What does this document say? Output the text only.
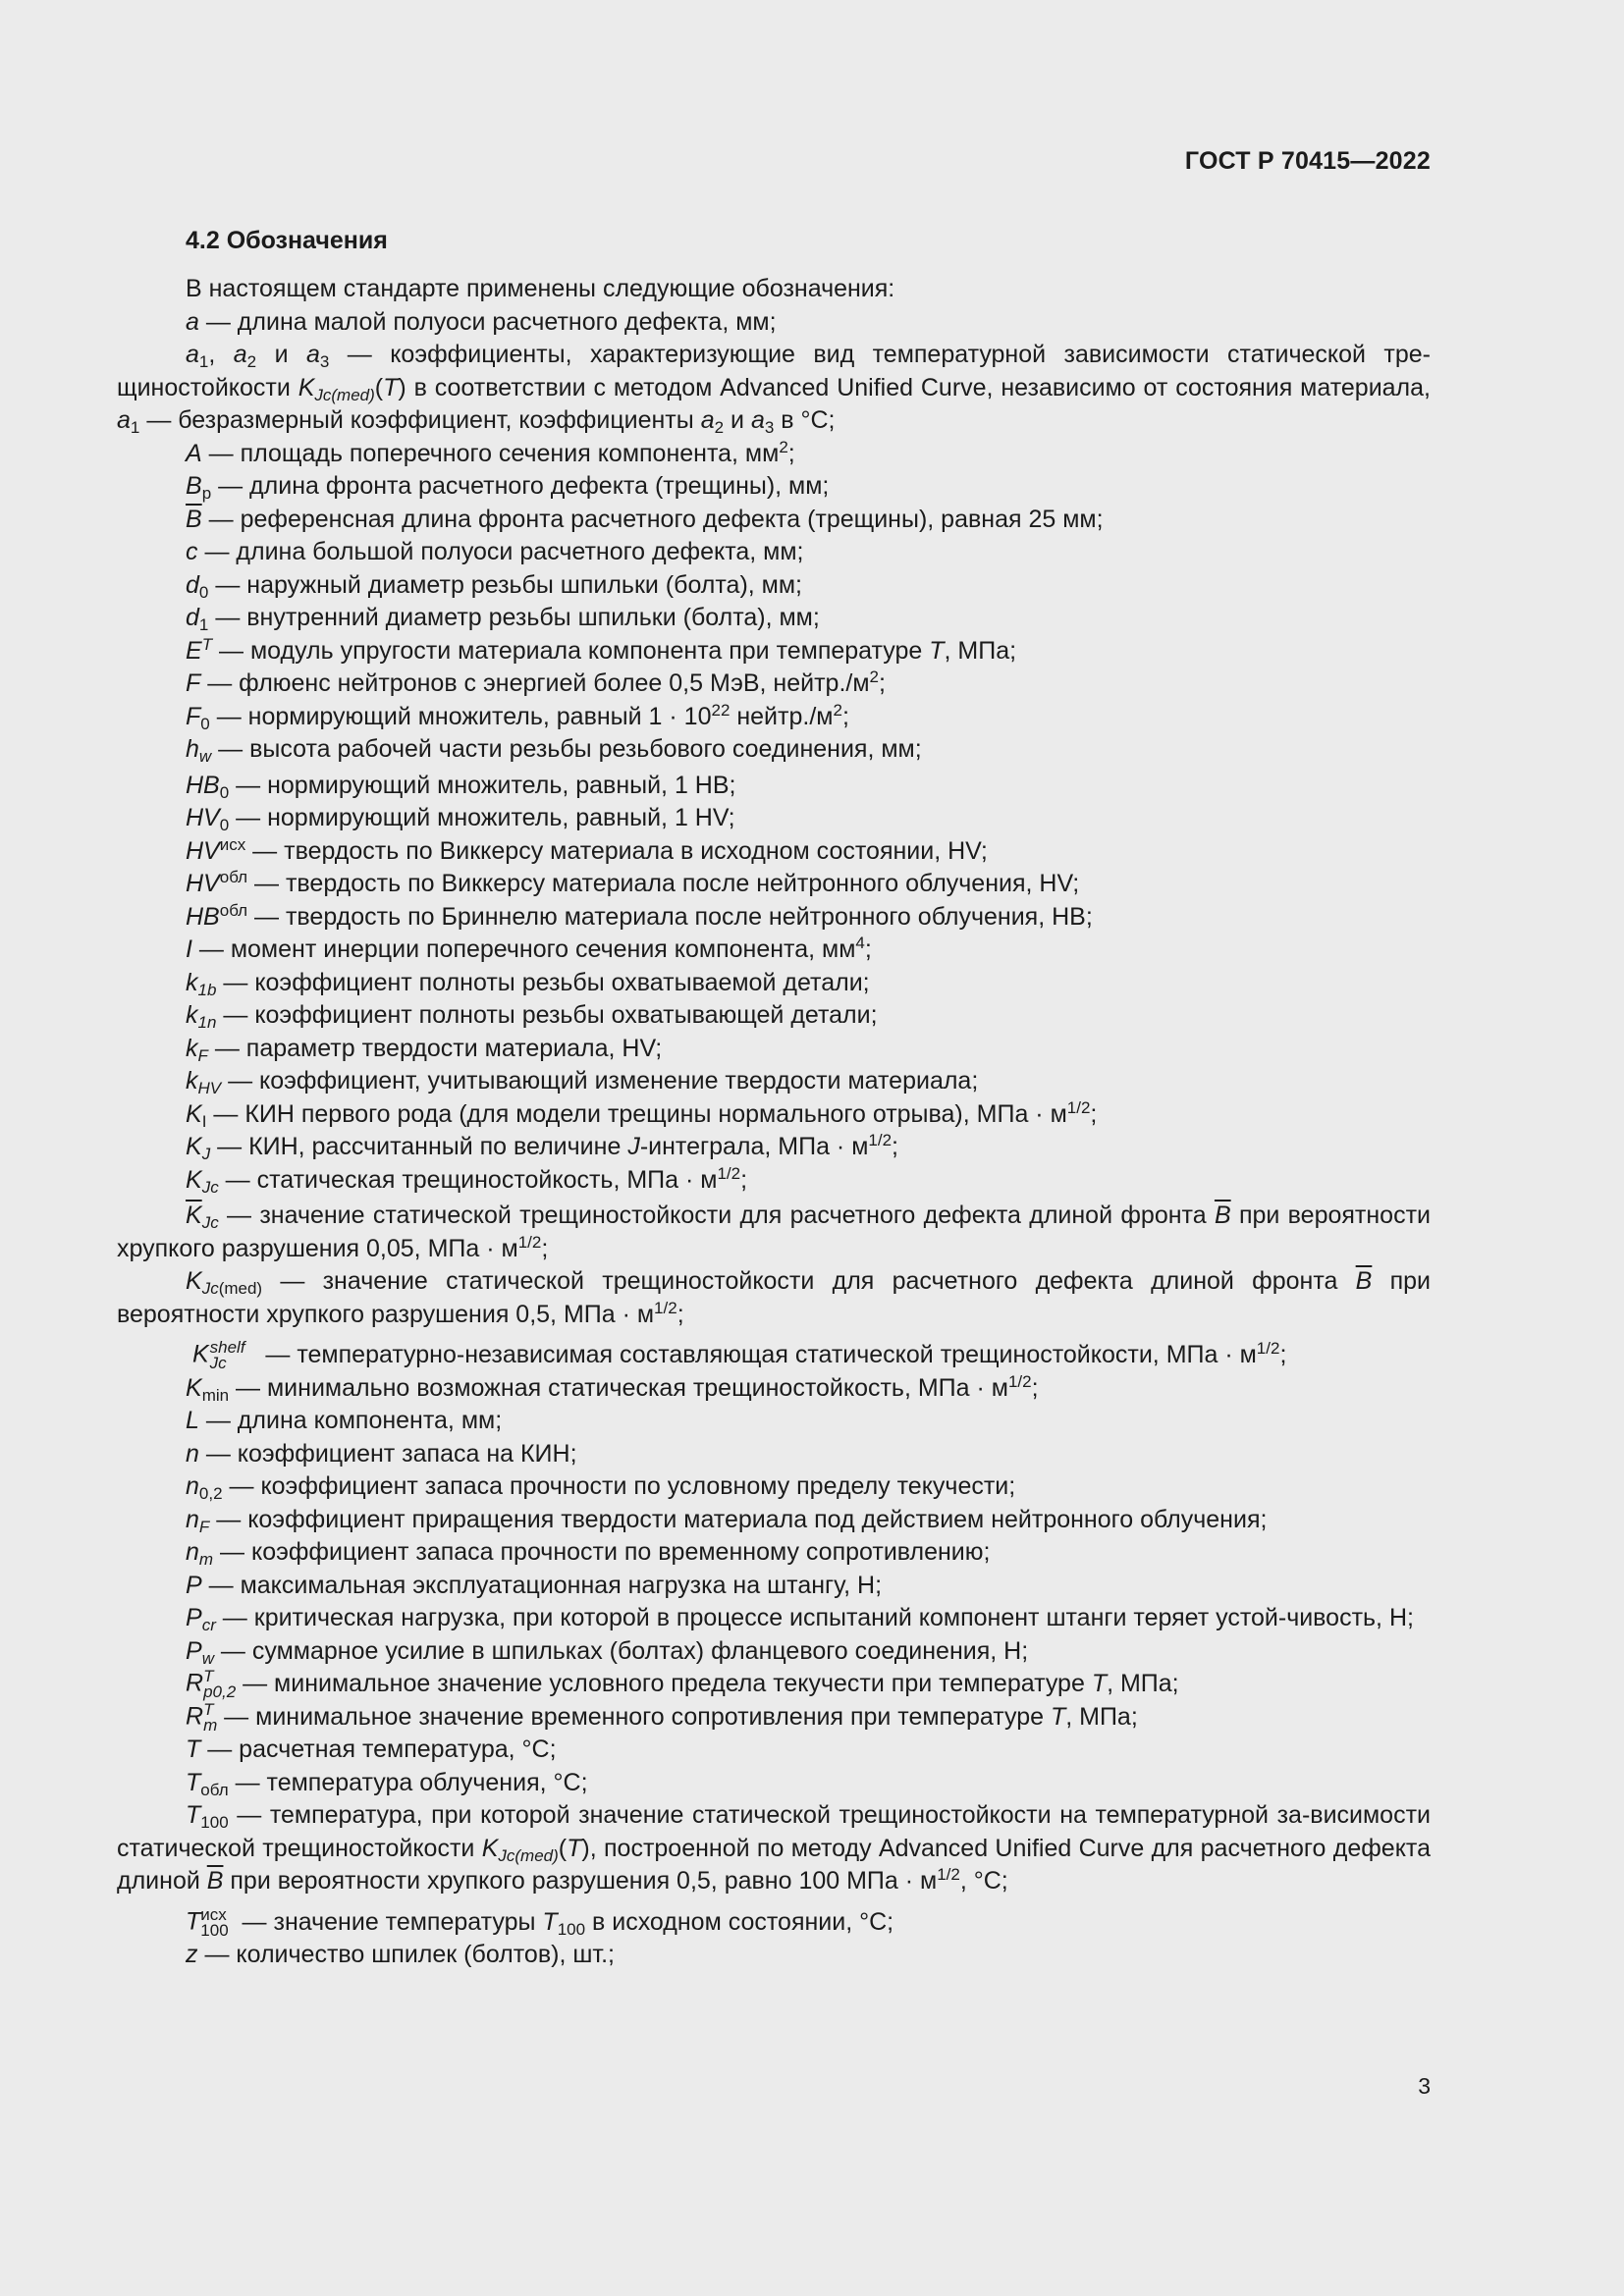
ГОСТ Р 70415—2022
4.2 Обозначения

В настоящем стандарте применены следующие обозначения:

a — длина малой полуоси расчетного дефекта, мм;

$a_1$, $a_2$ и $a_3$ — коэффициенты, характеризующие вид температурной зависимости статической тре-щиностойкости $K_{Jc(med)}(T)$ в соответствии с методом Advanced Unified Curve, независимо от состояния материала, $a_1$ — безразмерный коэффициент, коэффициенты $a_2$ и $a_3$ в °С;

A — площадь поперечного сечения компонента, $мм^2$;

$B_p$ — длина фронта расчетного дефекта (трещины), мм;

$\overline{B}$ — референсная длина фронта расчетного дефекта (трещины), равная 25 мм;

c — длина большой полуоси расчетного дефекта, мм;

$d_0$ — наружный диаметр резьбы шпильки (болта), мм;

$d_1$ — внутренний диаметр резьбы шпильки (болта), мм;

$E^T$ — модуль упругости материала компонента при температуре T, МПа;

F — флюенс нейтронов с энергией более 0,5 МэВ, $нейтр./м^2$;

$F_0$ — нормирующий множитель, равный $1 \cdot 10^{22}$ $нейтр./м^2$;

$h_w$ — высота рабочей части резьбы резьбового соединения, мм;

$HB_0$ — нормирующий множитель, равный, 1 НВ;

$HV_0$ — нормирующий множитель, равный, 1 HV;

$HV^{исх}$ — твердость по Виккерсу материала в исходном состоянии, HV;

$HV^{обл}$ — твердость по Виккерсу материала после нейтронного облучения, HV;

$HB^{обл}$ — твердость по Бриннелю материала после нейтронного облучения, НВ;

I — момент инерции поперечного сечения компонента, $мм^4$;

$k_{1b}$ — коэффициент полноты резьбы охватываемой детали;

$k_{1n}$ — коэффициент полноты резьбы охватывающей детали;

$k_F$ — параметр твердости материала, HV;

$k_{HV}$ — коэффициент, учитывающий изменение твердости материала;

$K_I$ — КИН первого рода (для модели трещины нормального отрыва), МПа · $м^{1/2}$;

$K_J$ — КИН, рассчитанный по величине J-интеграла, МПа · $м^{1/2}$;

$K_{Jc}$ — статическая трещиностойкость, МПа · $м^{1/2}$;

$\overline{K}_{Jc}$ — значение статической трещиностойкости для расчетного дефекта длиной фронта $\overline{B}$ при вероятности хрупкого разрушения 0,05, МПа · $м^{1/2}$;

$K_{Jc(med)}$ — значение статической трещиностойкости для расчетного дефекта длиной фронта $\overline{B}$ при вероятности хрупкого разрушения 0,5, МПа · $м^{1/2}$;

K shelf
Jc	— температурно-независимая составляющая статической трещиностойкости, МПа · $м^{1/2}$;

$K_{min}$ — минимально возможная статическая трещиностойкость, МПа · $м^{1/2}$;

L — длина компонента, мм;

n — коэффициент запаса на КИН;

$n_{0,2}$ — коэффициент запаса прочности по условному пределу текучести;

$n_F$ — коэффициент приращения твердости материала под действием нейтронного облучения;

$n_m$ — коэффициент запаса прочности по временному сопротивлению;

P — максимальная эксплуатационная нагрузка на штангу, Н;

$P_{cr}$ — критическая нагрузка, при которой в процессе испытаний компонент штанги теряет устой-чивость, Н;

$P_w$ — суммарное усилие в шпильках (болтах) фланцевого соединения, Н;

R T
p0,2 — минимальное значение условного предела текучести при температуре T, МПа;

R T
m — минимальное значение временного сопротивления при температуре T, МПа;

T — расчетная температура, °С;

$T_{обл}$ — температура облучения, °С;

$T_{100}$ — температура, при которой значение статической трещиностойкости на температурной за-висимости статической трещиностойкости $K_{Jc(med)}(T)$, построенной по методу Advanced Unified Curve для расчетного дефекта длиной $\overline{B}$ при вероятности хрупкого разрушения 0,5, равно 100 МПа · $м^{1/2}$, °С;

T исх
100 — значение температуры $T_{100}$ в исходном состоянии, °С;

z — количество шпилек (болтов), шт.;

3
